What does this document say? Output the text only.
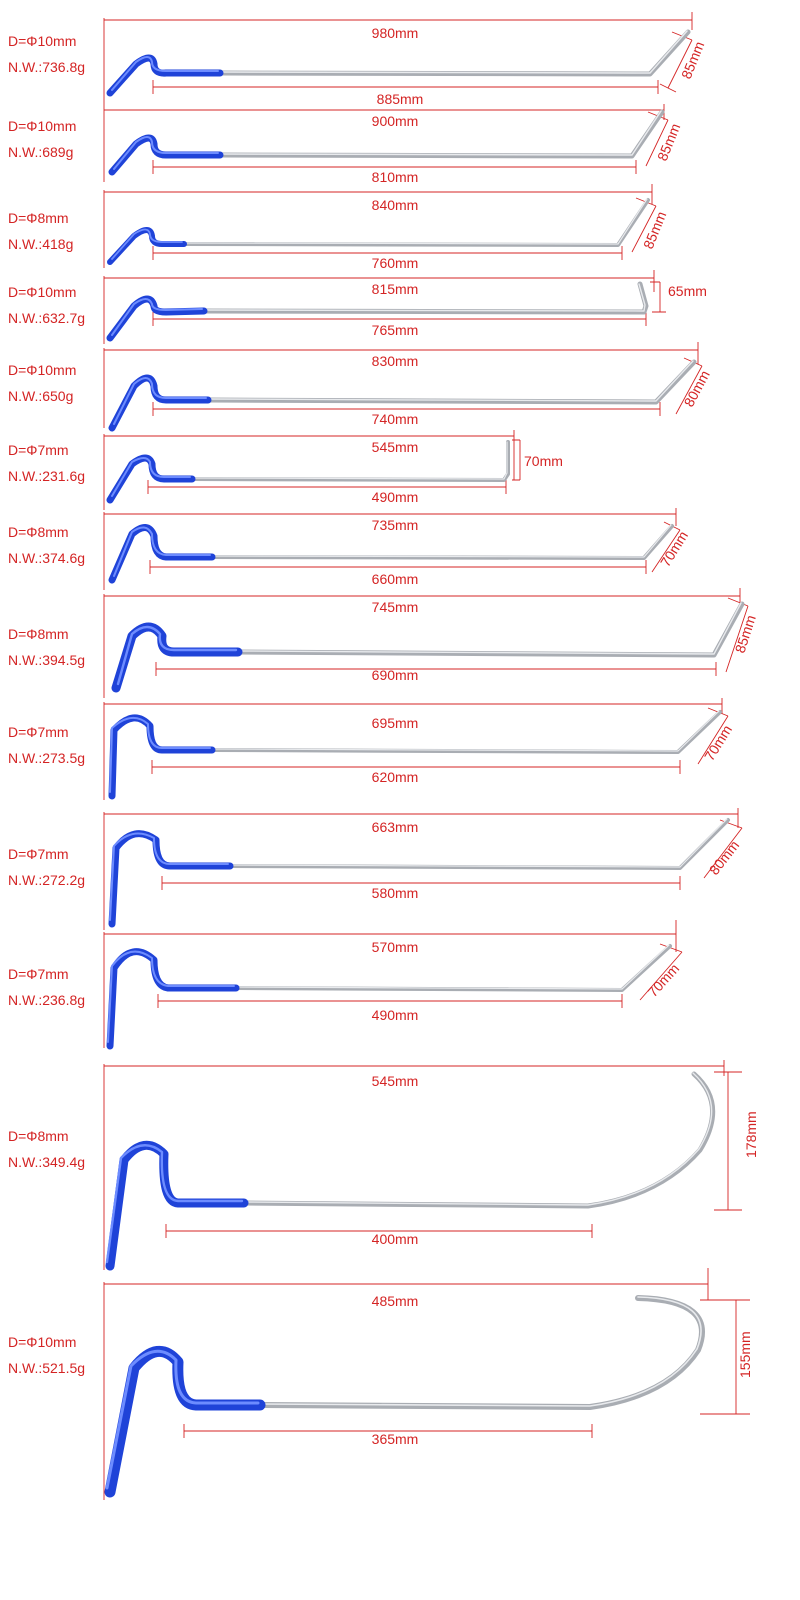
D=Φ10mm
N.W.:736.8g
980mm
885mm
85mm
D=Φ10mm
N.W.:689g
900mm
810mm
85mm
D=Φ8mm
N.W.:418g
840mm
760mm
85mm
D=Φ10mm
N.W.:632.7g
815mm
765mm
65mm
D=Φ10mm
N.W.:650g
830mm
740mm
80mm
D=Φ7mm
N.W.:231.6g
545mm
490mm
70mm
D=Φ8mm
N.W.:374.6g
735mm
660mm
70mm
D=Φ8mm
N.W.:394.5g
745mm
690mm
85mm
D=Φ7mm
N.W.:273.5g
695mm
620mm
70mm
D=Φ7mm
N.W.:272.2g
663mm
580mm
80mm
D=Φ7mm
N.W.:236.8g
570mm
490mm
70mm
D=Φ8mm
N.W.:349.4g
545mm
400mm
178mm
D=Φ10mm
N.W.:521.5g
485mm
365mm
155mm
